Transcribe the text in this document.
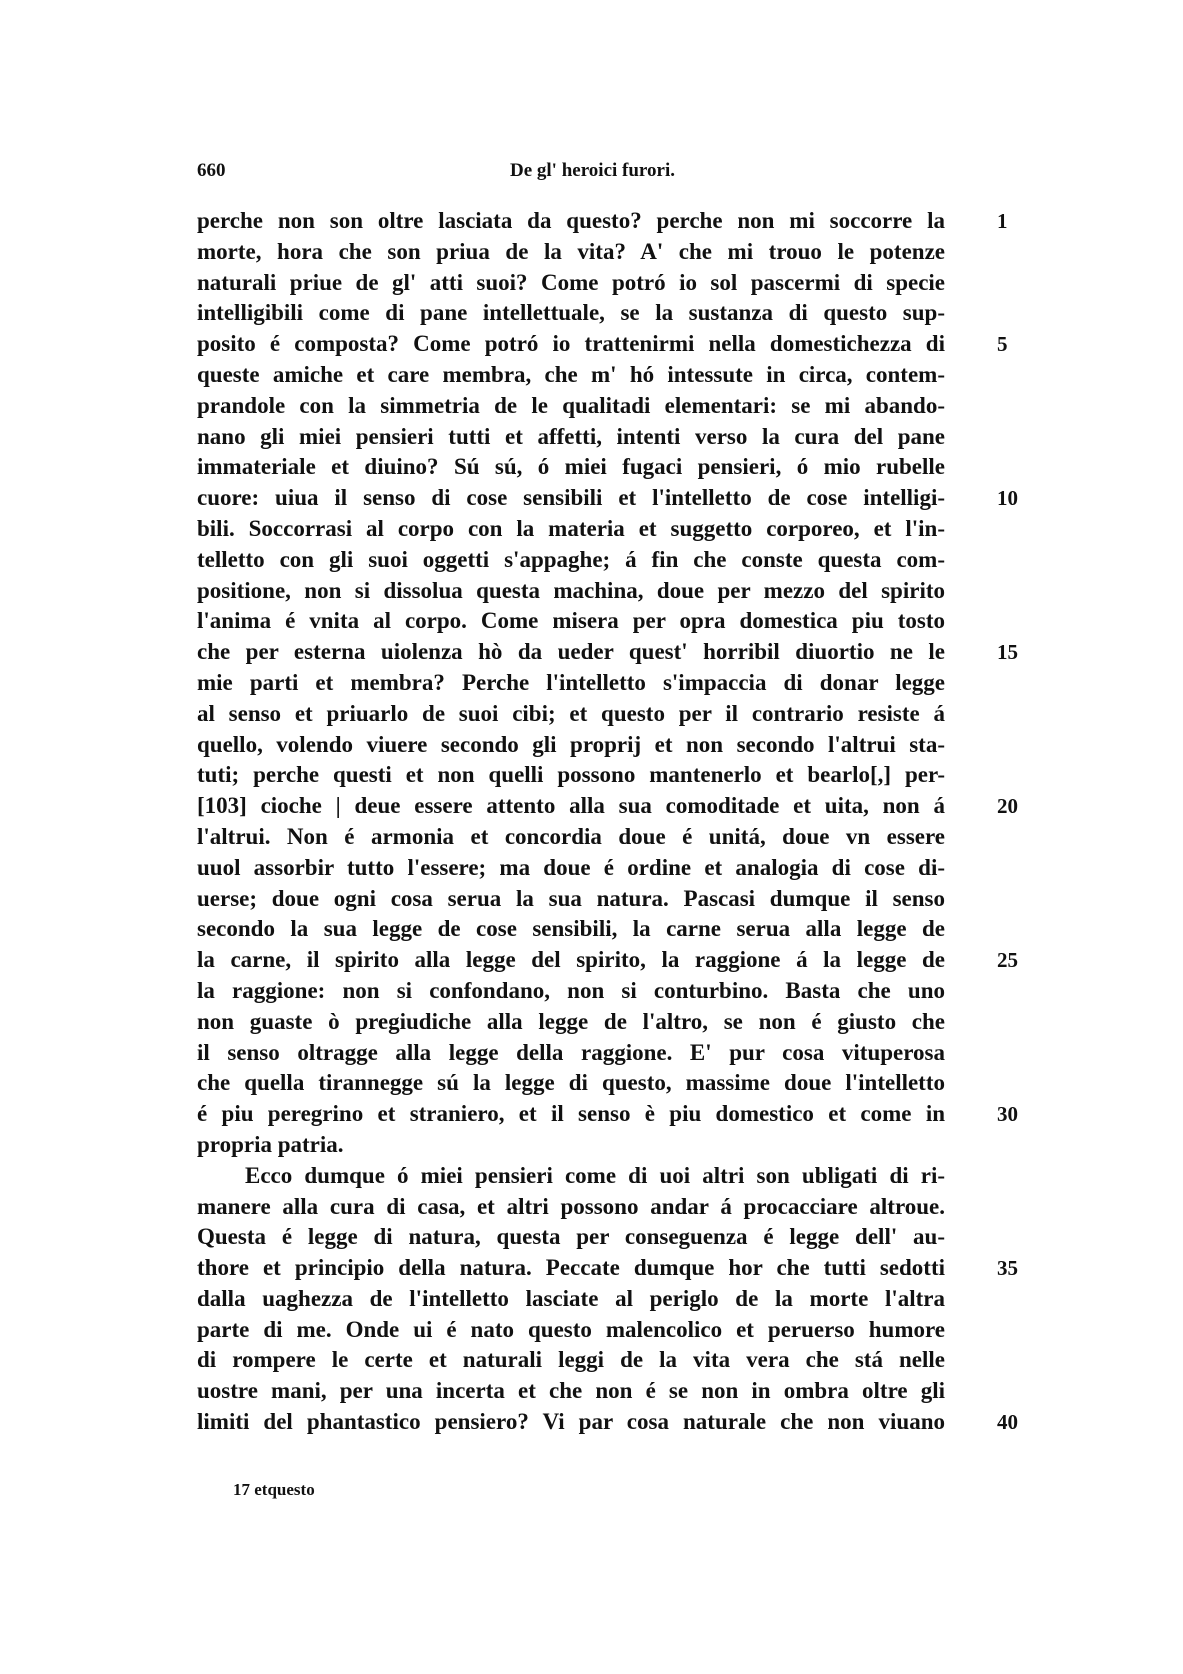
660	De gl' heroici furori.
perche non son oltre lasciata da questo? perche non mi soccorre la 1
morte, hora che son priua de la vita? A' che mi trouo le potenze
naturali priue de gl' atti suoi? Come potró io sol pascermi di specie
intelligibili come di pane intellettuale, se la sustanza di questo sup-
posito é composta? Come potró io trattenirmi nella domestichezza di 5
queste amiche et care membra, che m' hó intessute in circa, contem-
prandole con la simmetria de le qualitadi elementari: se mi abando-
nano gli miei pensieri tutti et affetti, intenti verso la cura del pane
immateriale et diuino? Sú sú, ó miei fugaci pensieri, ó mio rubelle
cuore: uiua il senso di cose sensibili et l'intelletto de cose intelligi- 10
bili. Soccorrasi al corpo con la materia et suggetto corporeo, et l'in-
telletto con gli suoi oggetti s'appaghe; á fin che conste questa com-
positione, non si dissolua questa machina, doue per mezzo del spirito
l'anima é vnita al corpo. Come misera per opra domestica piu tosto
che per esterna uiolenza hò da ueder quest' horribil diuortio ne le 15
mie parti et membra? Perche l'intelletto s'impaccia di donar legge
al senso et priuarlo de suoi cibi; et questo per il contrario resiste á
quello, volendo viuere secondo gli proprij et non secondo l'altrui sta-
tuti; perche questi et non quelli possono mantenerlo et bearlo[,] per-
[103] cioche | deue essere attento alla sua comoditade et uita, non á 20
l'altrui. Non é armonia et concordia doue é unitá, doue vn essere
uuol assorbir tutto l'essere; ma doue é ordine et analogia di cose di-
uerse; doue ogni cosa serua la sua natura. Pascasi dumque il senso
secondo la sua legge de cose sensibili, la carne serua alla legge de
la carne, il spirito alla legge del spirito, la raggione á la legge de 25
la raggione: non si confondano, non si conturbino. Basta che uno
non guaste ò pregiudiche alla legge de l'altro, se non é giusto che
il senso oltragge alla legge della raggione. E' pur cosa vituperosa
che quella tirannegge sú la legge di questo, massime doue l'intelletto
é piu peregrino et straniero, et il senso è piu domestico et come in 30
propria patria.
Ecco dumque ó miei pensieri come di uoi altri son ubligati di ri-
manere alla cura di casa, et altri possono andar á procacciare altroue.
Questa é legge di natura, questa per conseguenza é legge dell' au-
thore et principio della natura. Peccate dumque hor che tutti sedotti 35
dalla uaghezza de l'intelletto lasciate al periglo de la morte l'altra
parte di me. Onde ui é nato questo malencolico et peruerso humore
di rompere le certe et naturali leggi de la vita vera che stá nelle
uostre mani, per una incerta et che non é se non in ombra oltre gli
limiti del phantastico pensiero? Vi par cosa naturale che non viuano 40
17 etquesto
